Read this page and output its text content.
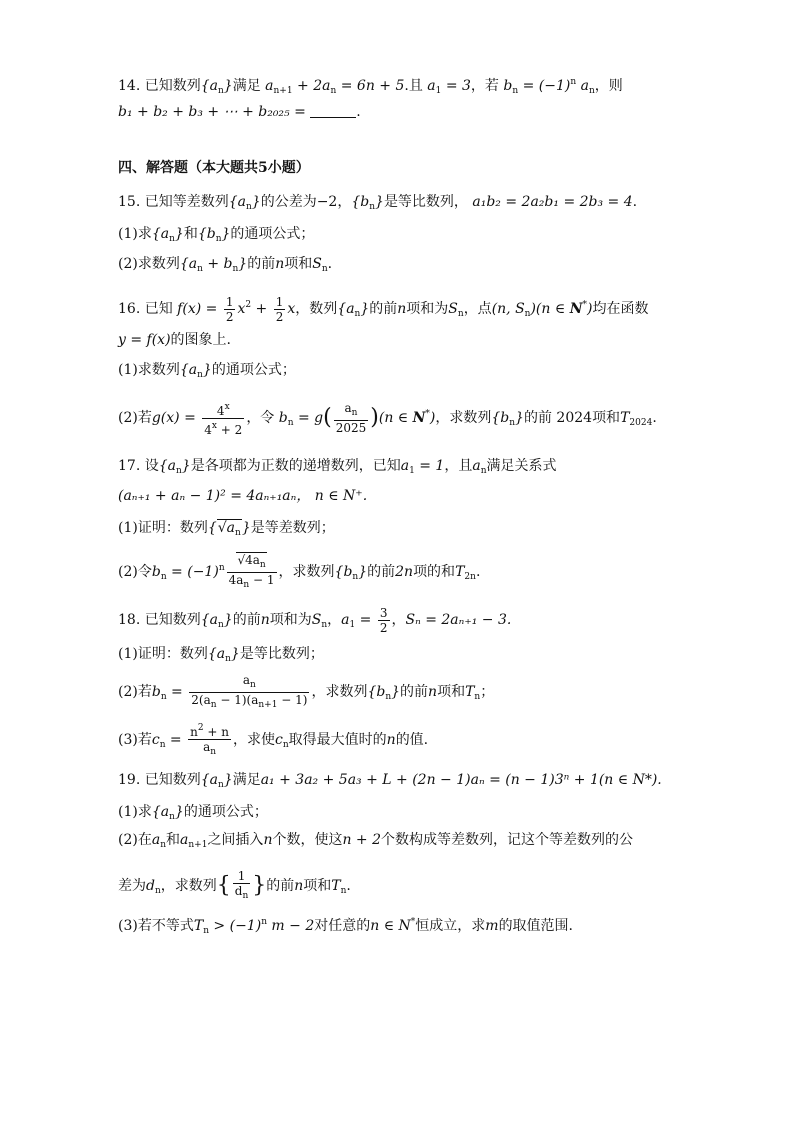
14. 已知数列$\{a_n\}$满足 $a_{n+1} + 2a_n = 6n + 5$.且 $a_1 = 3$，若 $b_n = (-1)^n$ $a_n$，则
b₁ + b₂ + b₃ + ⋯ + b₂₀₂₅ =	.
四、解答题（本大题共5小题）
15. 已知等差数列$\{a_n\}$的公差为−2，$\{b_n\}$是等比数列， a₁b₂ = 2a₂b₁ = 2b₃ = 4.
(1)求$\{a_n\}$和$\{b_n\}$的通项公式；
(2)求数列$\{a_n + b_n\}$的前n项和$S_n$.
16. 已知 $f(x) = \frac{1}{2} x^2 + \frac{1}{2}$ x，数列$\{a_n\}$的前n项和为$S_n$，点(n, $S_n)(n$ ∈ N*)均在函数
y = f(x)的图象上.
(1)求数列$\{a_n\}$的通项公式；
(2)若$g(x) = \frac{4^x}{4^x + 2}$ ，令 $b_n = g( \frac{a_n}{2025} )(n$ ∈ N*)，求数列$\{b_n\}$的前 2024项和$T_{2024}$.
17. 设$\{a_n\}$是各项都为正数的递增数列，已知$a_1 = 1$，且$a_n$满足关系式
(aₙ₊₁ + aₙ − 1)² = 4aₙ₊₁aₙ， n ∈ N⁺.
(1)证明：数列$\{√a_n\}$是等差数列；
(2)令$b_n = (-1)^n \frac{√4a_n}{4a_n - 1}$ ，求数列$\{b_n\}$的前2n项的和$T_{2n}$.
18. 已知数列$\{a_n\}$的前n项和为$S_n$，$a_1 = \frac{3}{2}$ ，Sₙ = 2aₙ₊₁ − 3.
(1)证明：数列$\{a_n\}$是等比数列；
(2)若$b_n = \frac{a_n}{2(a_n - 1)(a_{n+1} - 1)}$ ，求数列$\{b_n\}$的前n项和$T_n$；
(3)若$c_n = \frac{n^2 + n}{a_n}$ ，求使$c_n$取得最大值时的n的值.
19. 已知数列$\{a_n\}$满足a₁ + 3a₂ + 5a₃ + L + (2n − 1)aₙ = (n − 1)3ⁿ + 1(n ∈ N*).
(1)求$\{a_n\}$的通项公式；
(2)在$a_n$和$a_{n+1}$之间插入n个数，使这n + 2个数构成等差数列，记这个等差数列的公
差为$d_n$，求数列{ $\frac{1}{d_n}$ }的前n项和$T_n$.
(3)若不等式$T_n > (-1)^n$ m − 2对任意的n ∈ N*恒成立，求m的取值范围.
